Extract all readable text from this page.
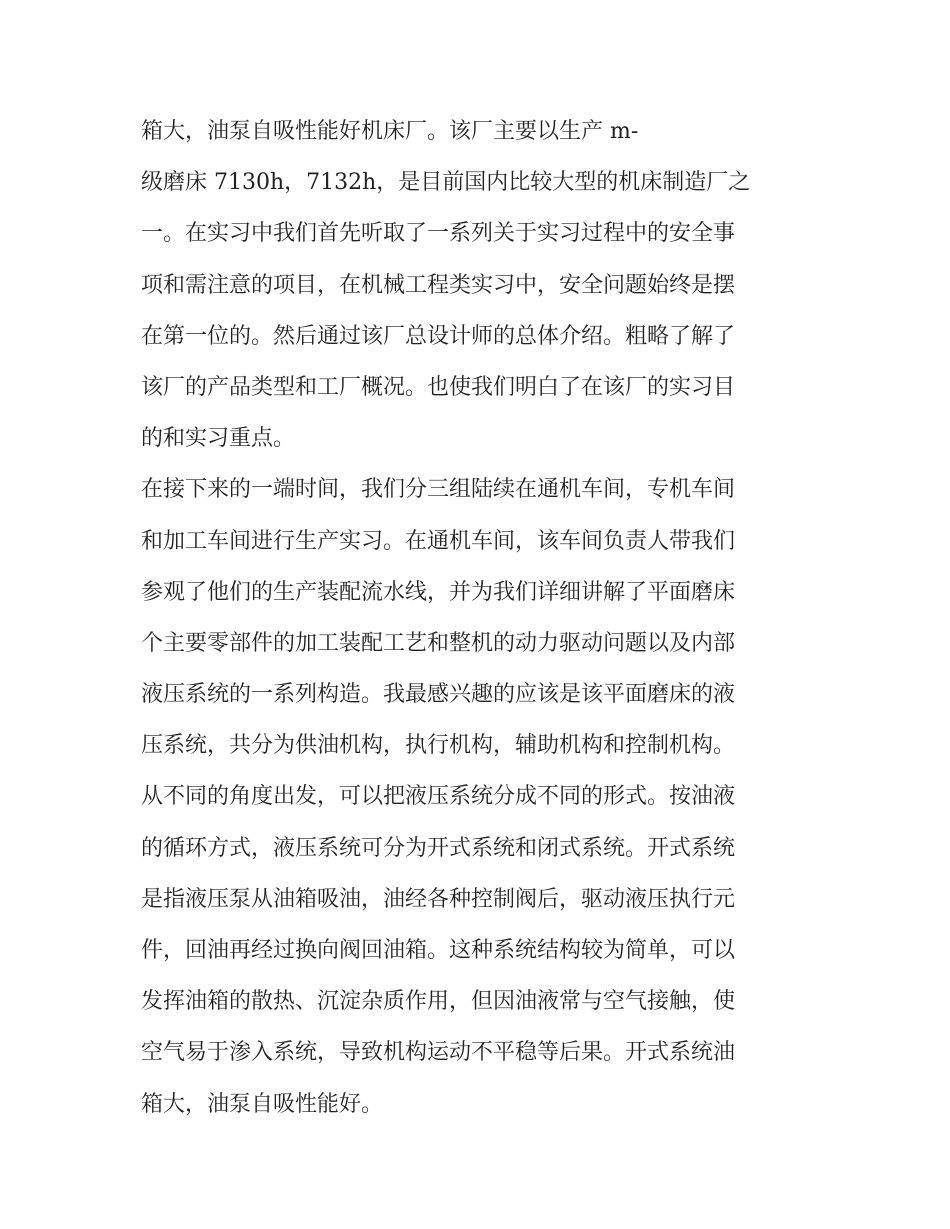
箱大，油泵自吸性能好机床厂。该厂主要以生产 m-
级磨床 7130h，7132h，是目前国内比较大型的机床制造厂之
一。在实习中我们首先听取了一系列关于实习过程中的安全事
项和需注意的项目，在机械工程类实习中，安全问题始终是摆
在第一位的。然后通过该厂总设计师的总体介绍。粗略了解了
该厂的产品类型和工厂概况。也使我们明白了在该厂的实习目
的和实习重点。
在接下来的一端时间，我们分三组陆续在通机车间，专机车间
和加工车间进行生产实习。在通机车间，该车间负责人带我们
参观了他们的生产装配流水线，并为我们详细讲解了平面磨床
个主要零部件的加工装配工艺和整机的动力驱动问题以及内部
液压系统的一系列构造。我最感兴趣的应该是该平面磨床的液
压系统，共分为供油机构，执行机构，辅助机构和控制机构。
从不同的角度出发，可以把液压系统分成不同的形式。按油液
的循环方式，液压系统可分为开式系统和闭式系统。开式系统
是指液压泵从油箱吸油，油经各种控制阀后，驱动液压执行元
件，回油再经过换向阀回油箱。这种系统结构较为简单，可以
发挥油箱的散热、沉淀杂质作用，但因油液常与空气接触，使
空气易于渗入系统，导致机构运动不平稳等后果。开式系统油
箱大，油泵自吸性能好。
